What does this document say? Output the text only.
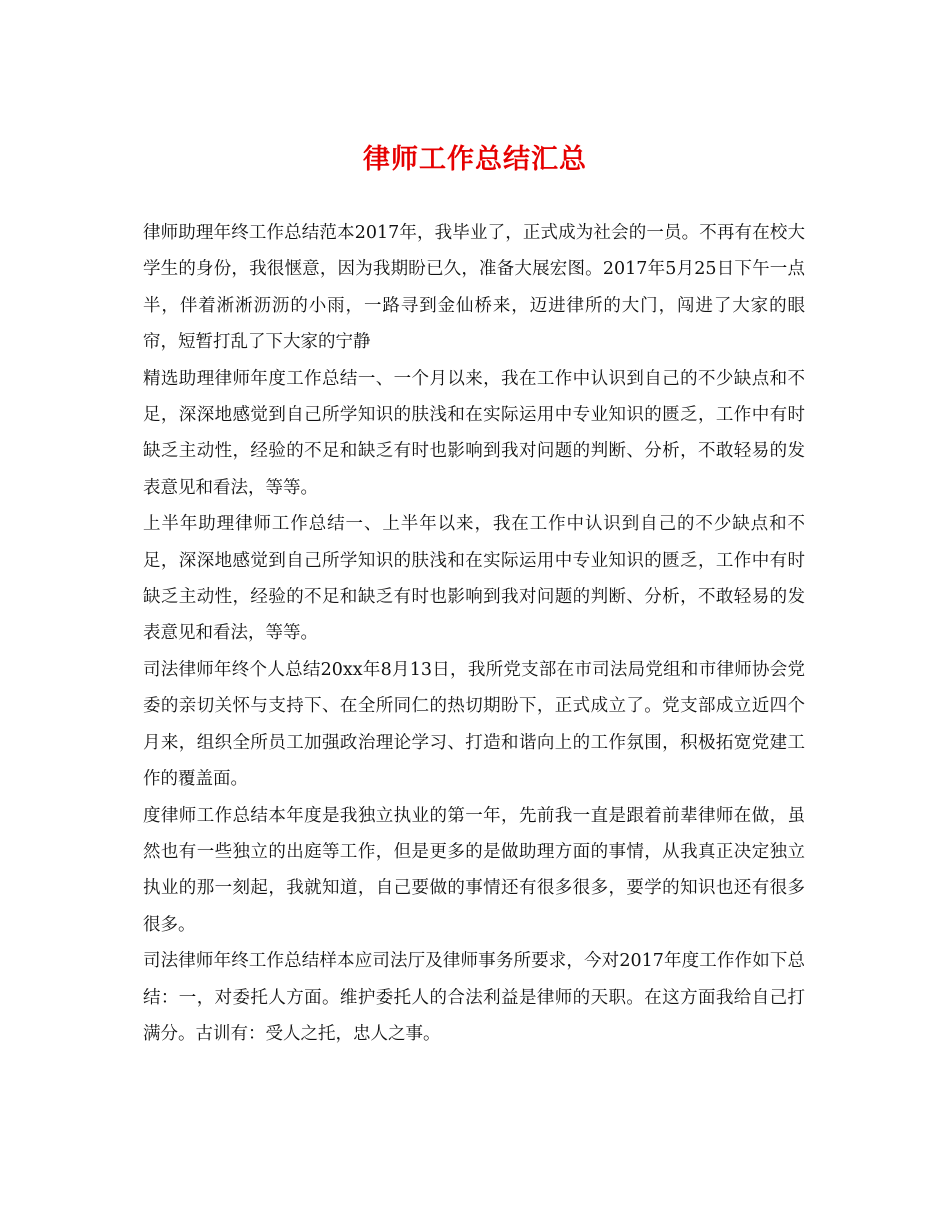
律师工作总结汇总

律师助理年终工作总结范本2017年，我毕业了，正式成为社会的一员。不再有在校大学生的身份，我很惬意，因为我期盼已久，准备大展宏图。2017年5月25日下午一点半，伴着淅淅沥沥的小雨，一路寻到金仙桥来，迈进律所的大门，闯进了大家的眼帘，短暂打乱了下大家的宁静

精选助理律师年度工作总结一、一个月以来，我在工作中认识到自己的不少缺点和不足，深深地感觉到自己所学知识的肤浅和在实际运用中专业知识的匮乏，工作中有时缺乏主动性，经验的不足和缺乏有时也影响到我对问题的判断、分析，不敢轻易的发表意见和看法，等等。

上半年助理律师工作总结一、上半年以来，我在工作中认识到自己的不少缺点和不足，深深地感觉到自己所学知识的肤浅和在实际运用中专业知识的匮乏，工作中有时缺乏主动性，经验的不足和缺乏有时也影响到我对问题的判断、分析，不敢轻易的发表意见和看法，等等。

司法律师年终个人总结20xx年8月13日，我所党支部在市司法局党组和市律师协会党委的亲切关怀与支持下、在全所同仁的热切期盼下，正式成立了。党支部成立近四个月来，组织全所员工加强政治理论学习、打造和谐向上的工作氛围，积极拓宽党建工作的覆盖面。

度律师工作总结本年度是我独立执业的第一年，先前我一直是跟着前辈律师在做，虽然也有一些独立的出庭等工作，但是更多的是做助理方面的事情，从我真正决定独立执业的那一刻起，我就知道，自己要做的事情还有很多很多，要学的知识也还有很多很多。

司法律师年终工作总结样本应司法厅及律师事务所要求，今对2017年度工作作如下总结：一，对委托人方面。维护委托人的合法利益是律师的天职。在这方面我给自己打满分。古训有：受人之托，忠人之事。
